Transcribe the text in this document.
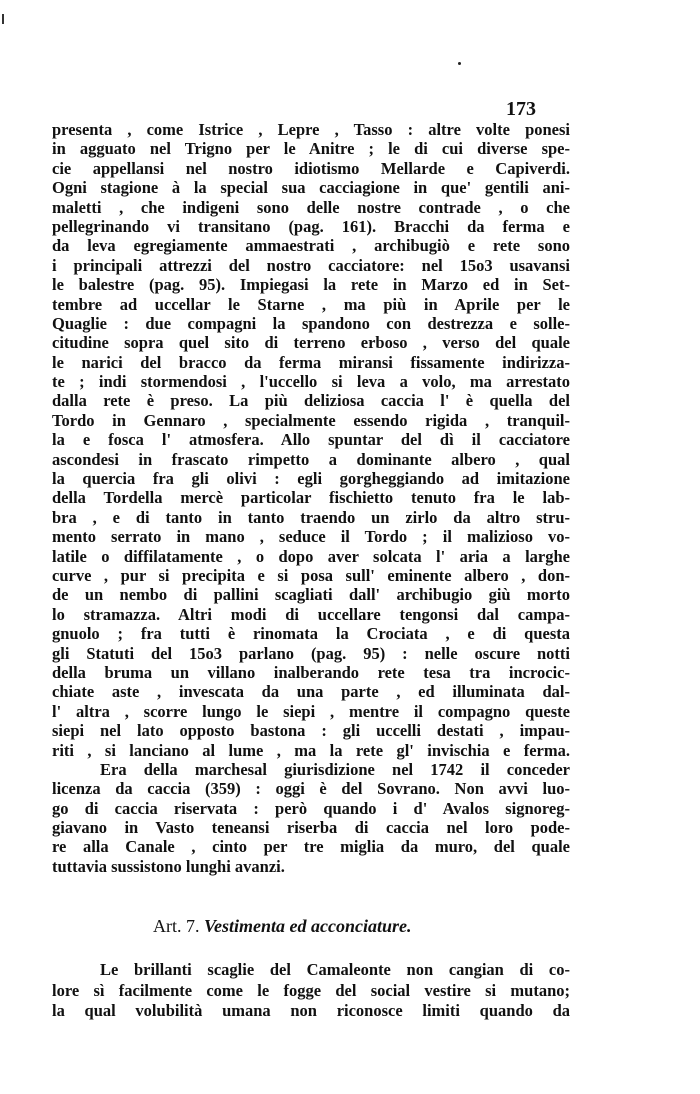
173
presenta , come Istrice , Lepre , Tasso : altre volte ponesi
in agguato nel Trigno per le Anitre ; le di cui diverse spe-
cie appellansi nel nostro idiotismo Mellarde e Capiverdi.
Ogni stagione à la special sua cacciagione in que' gentili ani-
maletti , che indigeni sono delle nostre contrade , o che
pellegrinando vi transitano (pag. 161). Bracchi da ferma e
da leva egregiamente ammaestrati , archibugiò e rete sono
i principali attrezzi del nostro cacciatore: nel 15o3 usavansi
le balestre (pag. 95). Impiegasi la rete in Marzo ed in Set-
tembre ad uccellar le Starne , ma più in Aprile per le
Quaglie : due compagni la spandono con destrezza e solle-
citudine sopra quel sito di terreno erboso , verso del quale
le narici del bracco da ferma miransi fissamente indirizza-
te ; indi stormendosi , l'uccello si leva a volo, ma arrestato
dalla rete è preso. La più deliziosa caccia l' è quella del
Tordo in Gennaro , specialmente essendo rigida , tranquil-
la e fosca l' atmosfera. Allo spuntar del dì il cacciatore
ascondesi in frascato rimpetto a dominante albero , qual
la quercia fra gli olivi : egli gorgheggiando ad imitazione
della Tordella mercè particolar fischietto tenuto fra le lab-
bra , e di tanto in tanto traendo un zirlo da altro stru-
mento serrato in mano , seduce il Tordo ; il malizioso vo-
latile o diffilatamente , o dopo aver solcata l' aria a larghe
curve , pur si precipita e si posa sull' eminente albero , don-
de un nembo di pallini scagliati dall' archibugio giù morto
lo stramazza. Altri modi di uccellare tengonsi dal campa-
gnuolo ; fra tutti è rinomata la Crociata , e di questa
gli Statuti del 15o3 parlano (pag. 95) : nelle oscure notti
della bruma un villano inalberando rete tesa tra incrocic-
chiate aste , invescata da una parte , ed illuminata dal-
l' altra , scorre lungo le siepi , mentre il compagno queste
siepi nel lato opposto bastona : gli uccelli destati , impau-
riti , si lanciano al lume , ma la rete gl' invischia e ferma.
Era della marchesal giurisdizione nel 1742 il conceder
licenza da caccia (359) : oggi è del Sovrano. Non avvi luo-
go di caccia riservata : però quando i d' Avalos signoreg-
giavano in Vasto teneansi riserba di caccia nel loro pode-
re alla Canale , cinto per tre miglia da muro, del quale
tuttavia sussistono lunghi avanzi.
Art. 7. Vestimenta ed acconciature.
Le brillanti scaglie del Camaleonte non cangian di co-
lore sì facilmente come le fogge del social vestire si mutano;
la qual volubilità umana non riconosce limiti quando da
